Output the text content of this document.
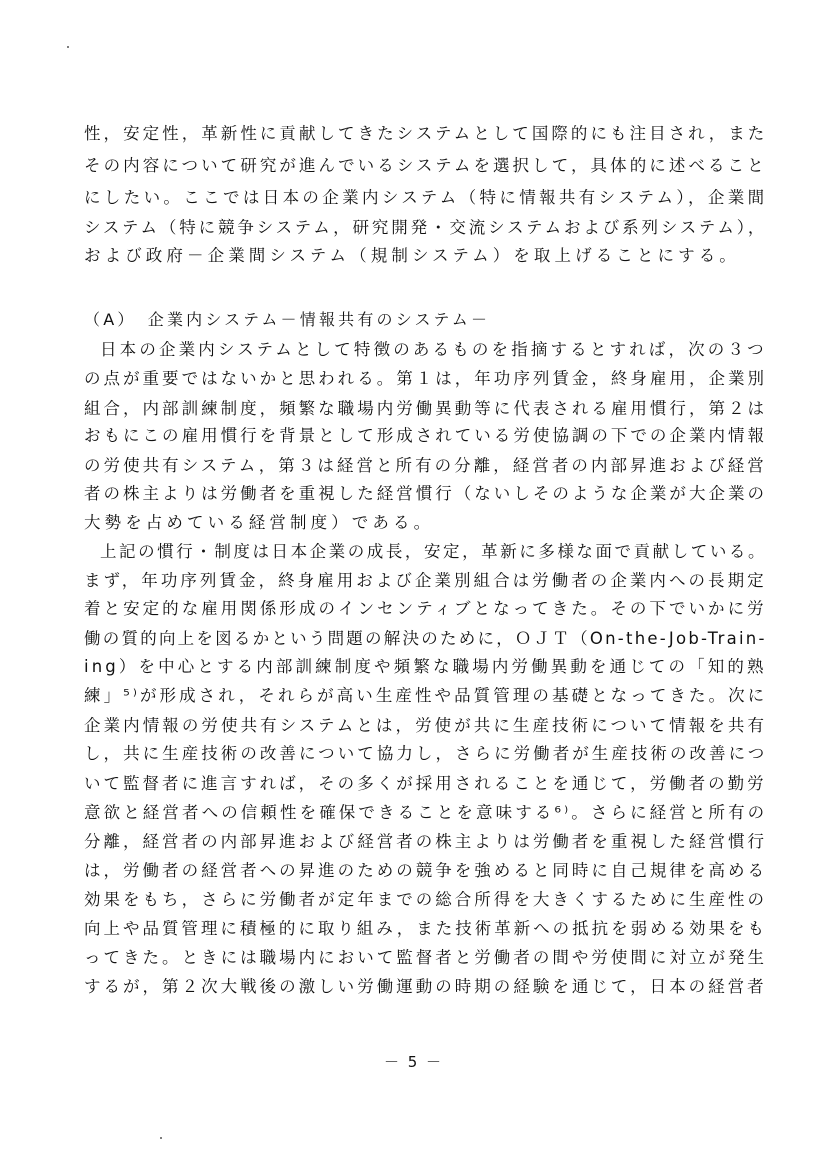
性，安定性，革新性に貢献してきたシステムとして国際的にも注目され，また
その内容について研究が進んでいるシステムを選択して，具体的に述べること
にしたい。ここでは日本の企業内システム（特に情報共有システム），企業間
システム（特に競争システム，研究開発・交流システムおよび系列システム），
および政府－企業間システム（規制システム）を取上げることにする。
（A）　企業内システム－情報共有のシステム－
日本の企業内システムとして特徴のあるものを指摘するとすれば，次の３つ
の点が重要ではないかと思われる。第１は，年功序列賃金，終身雇用，企業別
組合，内部訓練制度，頻繁な職場内労働異動等に代表される雇用慣行，第２は
おもにこの雇用慣行を背景として形成されている労使協調の下での企業内情報
の労使共有システム，第３は経営と所有の分離，経営者の内部昇進および経営
者の株主よりは労働者を重視した経営慣行（ないしそのような企業が大企業の
大勢を占めている経営制度）である。
上記の慣行・制度は日本企業の成長，安定，革新に多様な面で貢献している。
まず，年功序列賃金，終身雇用および企業別組合は労働者の企業内への長期定
着と安定的な雇用関係形成のインセンティブとなってきた。その下でいかに労
働の質的向上を図るかという問題の解決のために，ＯＪＴ（On-the-Job-Train-
ing）を中心とする内部訓練制度や頻繁な職場内労働異動を通じての「知的熟
練」⁵⁾が形成され，それらが高い生産性や品質管理の基礎となってきた。次に
企業内情報の労使共有システムとは，労使が共に生産技術について情報を共有
し，共に生産技術の改善について協力し，さらに労働者が生産技術の改善につ
いて監督者に進言すれば，その多くが採用されることを通じて，労働者の勤労
意欲と経営者への信頼性を確保できることを意味する⁶⁾。さらに経営と所有の
分離，経営者の内部昇進および経営者の株主よりは労働者を重視した経営慣行
は，労働者の経営者への昇進のための競争を強めると同時に自己規律を高める
効果をもち，さらに労働者が定年までの総合所得を大きくするために生産性の
向上や品質管理に積極的に取り組み，また技術革新への抵抗を弱める効果をも
ってきた。ときには職場内において監督者と労働者の間や労使間に対立が発生
するが，第２次大戦後の激しい労働運動の時期の経験を通じて，日本の経営者
－ 5 －
